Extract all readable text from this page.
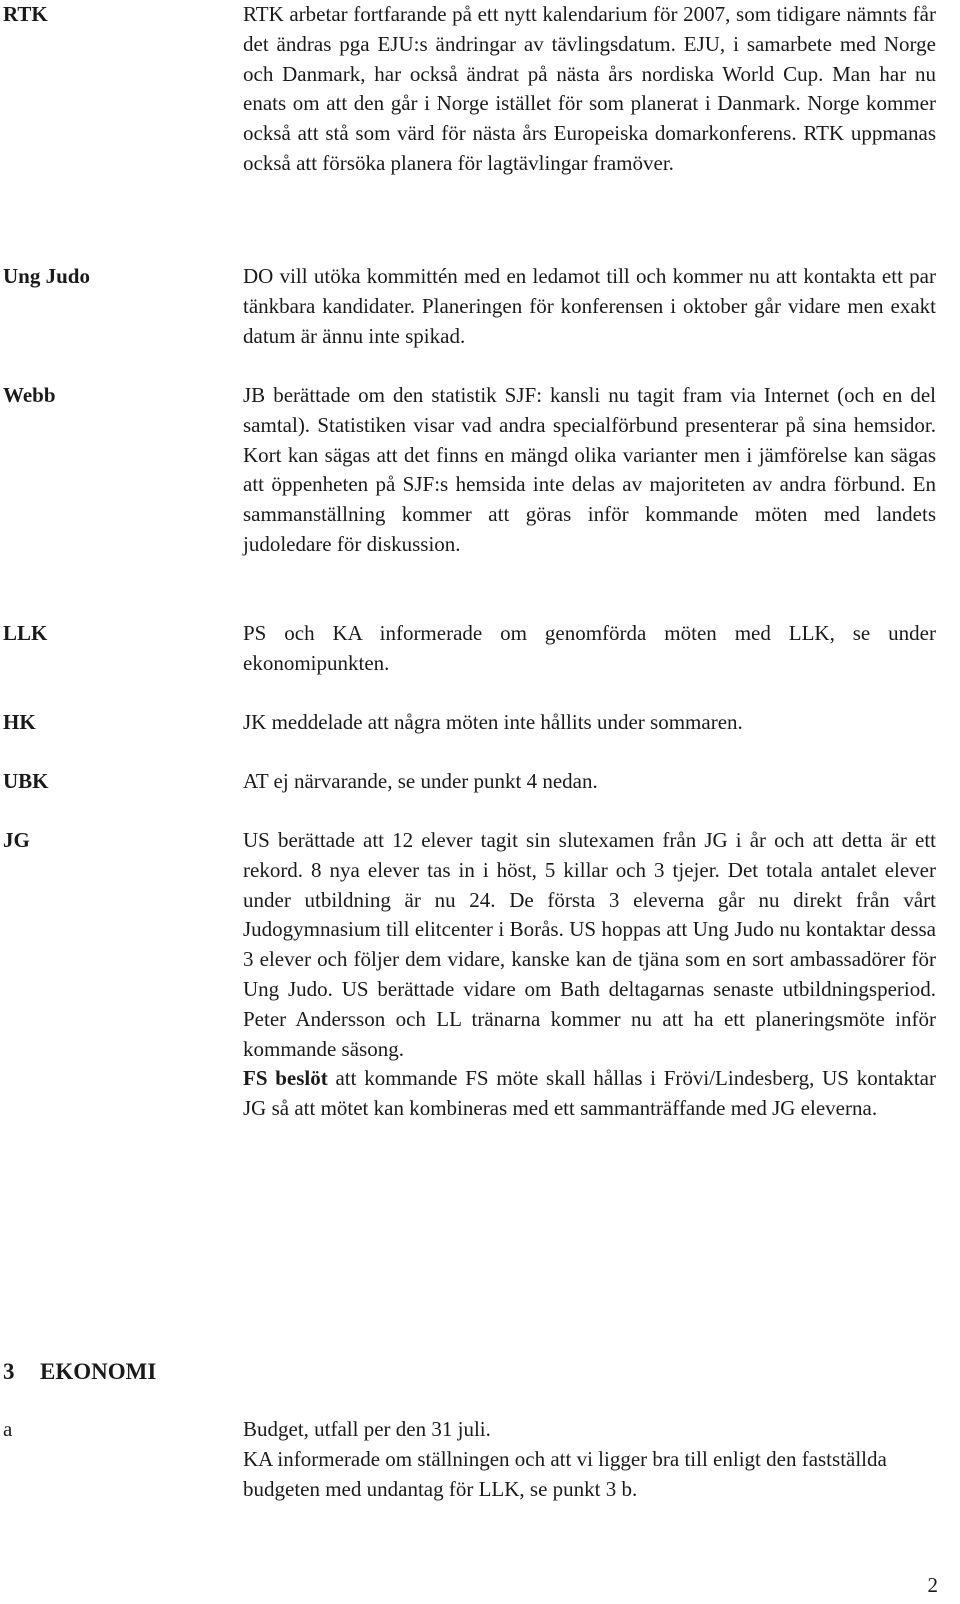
RTK	RTK arbetar fortfarande på ett nytt kalendarium för 2007, som tidigare nämnts får det ändras pga EJU:s ändringar av tävlingsdatum. EJU, i samarbete med Norge och Danmark, har också ändrat på nästa års nordiska World Cup. Man har nu enats om att den går i Norge istället för som planerat i Danmark. Norge kommer också att stå som värd för nästa års Europeiska domarkonferens. RTK uppmanas också att försöka planera för lagtävlingar framöver.

Ung Judo	DO vill utöka kommittén med en ledamot till och kommer nu att kontakta ett par tänkbara kandidater. Planeringen för konferensen i oktober går vidare men exakt datum är ännu inte spikad.

Webb	JB berättade om den statistik SJF: kansli nu tagit fram via Internet (och en del samtal). Statistiken visar vad andra specialförbund presenterar på sina hemsidor. Kort kan sägas att det finns en mängd olika varianter men i jämförelse kan sägas att öppenheten på SJF:s hemsida inte delas av majoriteten av andra förbund. En sammanställning kommer att göras inför kommande möten med landets judoledare för diskussion.

LLK	PS och KA informerade om genomförda möten med LLK, se under ekonomipunkten.

HK	JK meddelade att några möten inte hållits under sommaren.

UBK	AT ej närvarande, se under punkt 4 nedan.

JG	US berättade att 12 elever tagit sin slutexamen från JG i år och att detta är ett rekord. 8 nya elever tas in i höst, 5 killar och 3 tjejer. Det totala antalet elever under utbildning är nu 24. De första 3 eleverna går nu direkt från vårt Judogymnasium till elitcenter i Borås. US hoppas att Ung Judo nu kontaktar dessa 3 elever och följer dem vidare, kanske kan de tjäna som en sort ambassadörer för Ung Judo. US berättade vidare om Bath deltagarnas senaste utbildningsperiod. Peter Andersson och LL tränarna kommer nu att ha ett planeringsmöte inför kommande säsong.

FS beslöt att kommande FS möte skall hållas i Frövi/Lindesberg, US kontaktar JG så att mötet kan kombineras med ett sammanträffande med JG eleverna.

3 EKONOMI
a	Budget, utfall per den 31 juli.
KA informerade om ställningen och att vi ligger bra till enligt den fastställda budgeten med undantag för LLK, se punkt 3 b.
2
